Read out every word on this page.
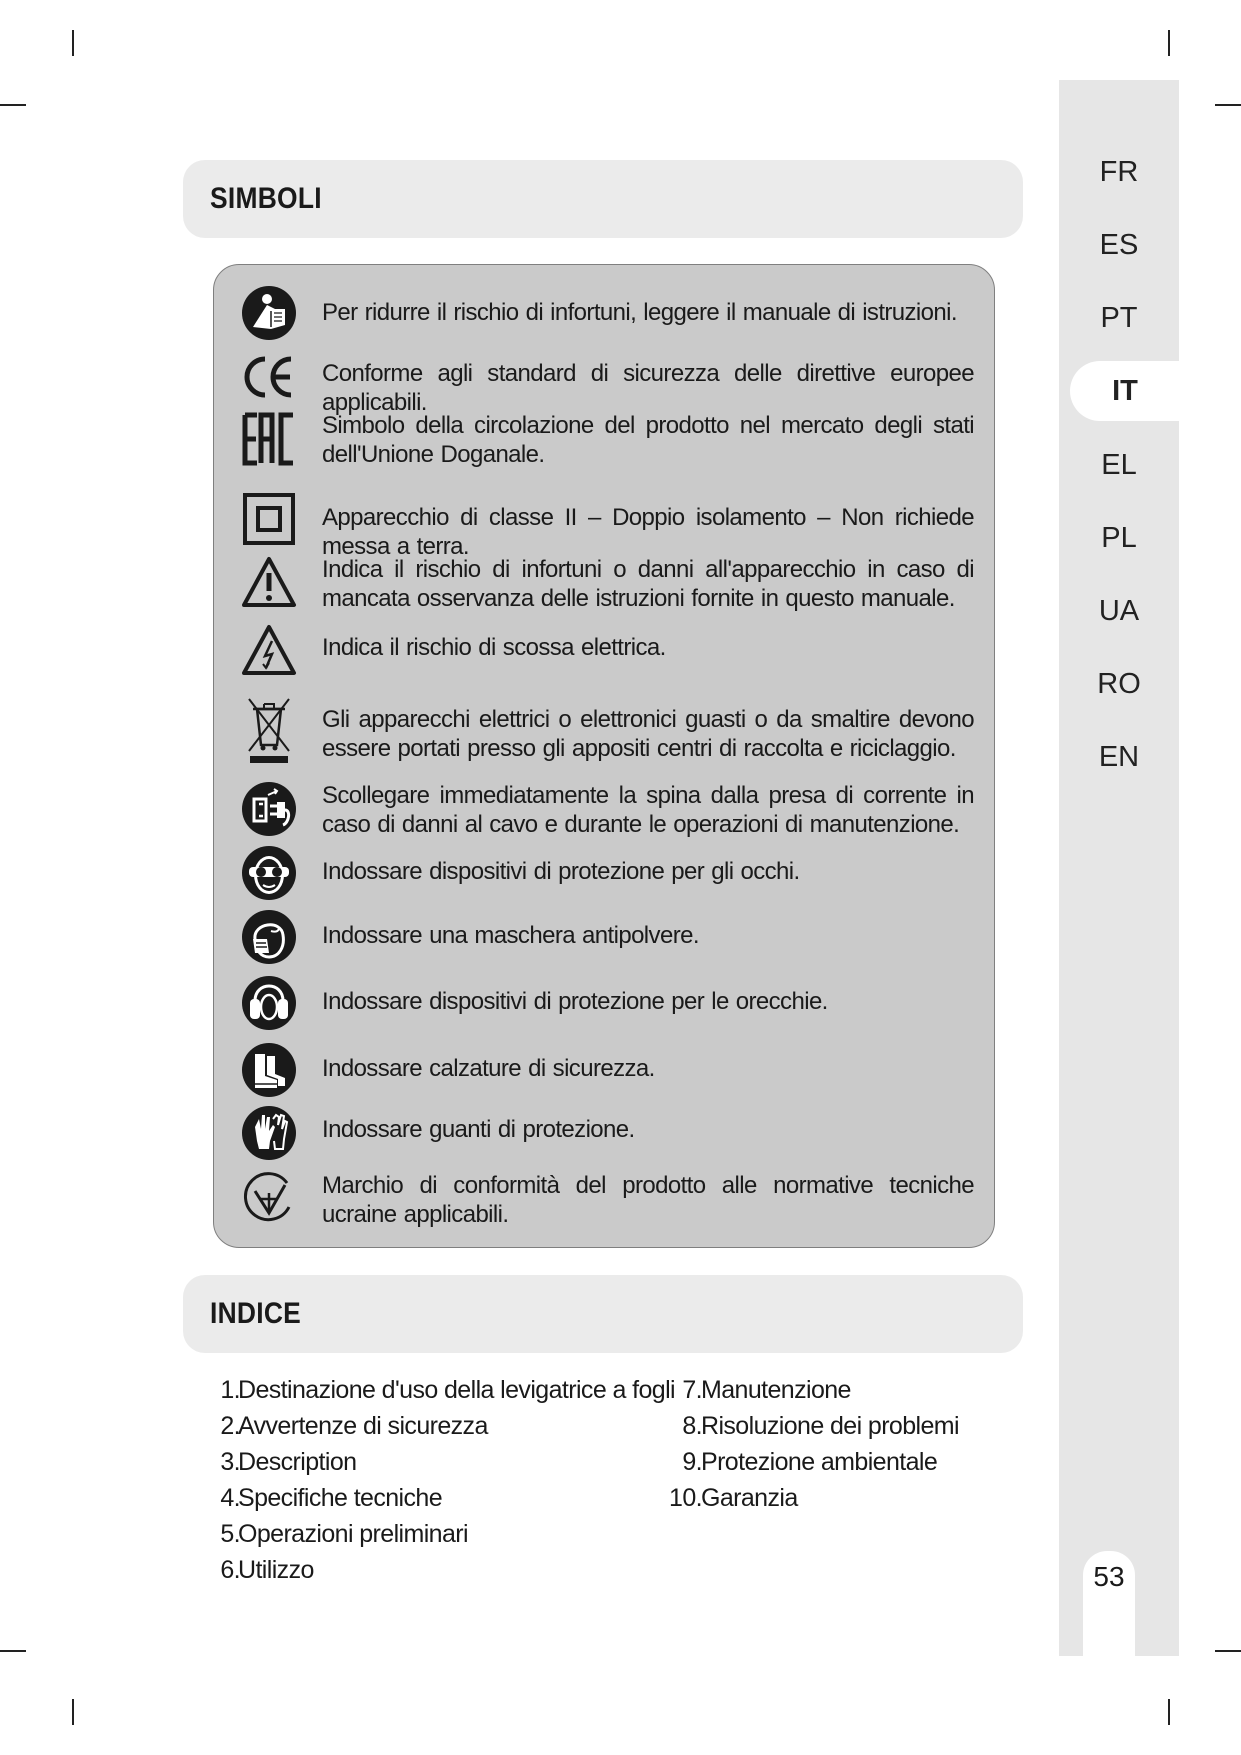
FR
ES
PT
IT
EL
PL
UA
RO
EN
53
SIMBOLI
Per ridurre il rischio di infortuni, leggere il manuale di istruzioni.
Conforme agli standard di sicurezza delle direttive europee applicabili.
Simbolo della circolazione del prodotto nel mercato degli stati dell'Unione Doganale.
Apparecchio di classe II – Doppio isolamento – Non richiede messa a terra.
Indica il rischio di infortuni o danni all'apparecchio in caso di mancata osservanza delle istruzioni fornite in questo manuale.
Indica il rischio di scossa elettrica.
Gli apparecchi elettrici o elettronici guasti o da smaltire devono essere portati presso gli appositi centri di raccolta e riciclaggio.
Scollegare immediatamente la spina dalla presa di corrente in caso di danni al cavo e durante le operazioni di manutenzione.
Indossare dispositivi di protezione per gli occhi.
Indossare una maschera antipolvere.
Indossare dispositivi di protezione per le orecchie.
Indossare calzature di sicurezza.
Indossare guanti di protezione.
Marchio di conformità del prodotto alle normative tecniche ucraine applicabili.
INDICE
1.
Destinazione d'uso della levigatrice a fogli
2.
Avvertenze di sicurezza
3.
Description
4.
Specifiche tecniche
5.
Operazioni preliminari
6.
Utilizzo
7. Manutenzione
8. Risoluzione dei problemi
9. Protezione ambientale
10. Garanzia
